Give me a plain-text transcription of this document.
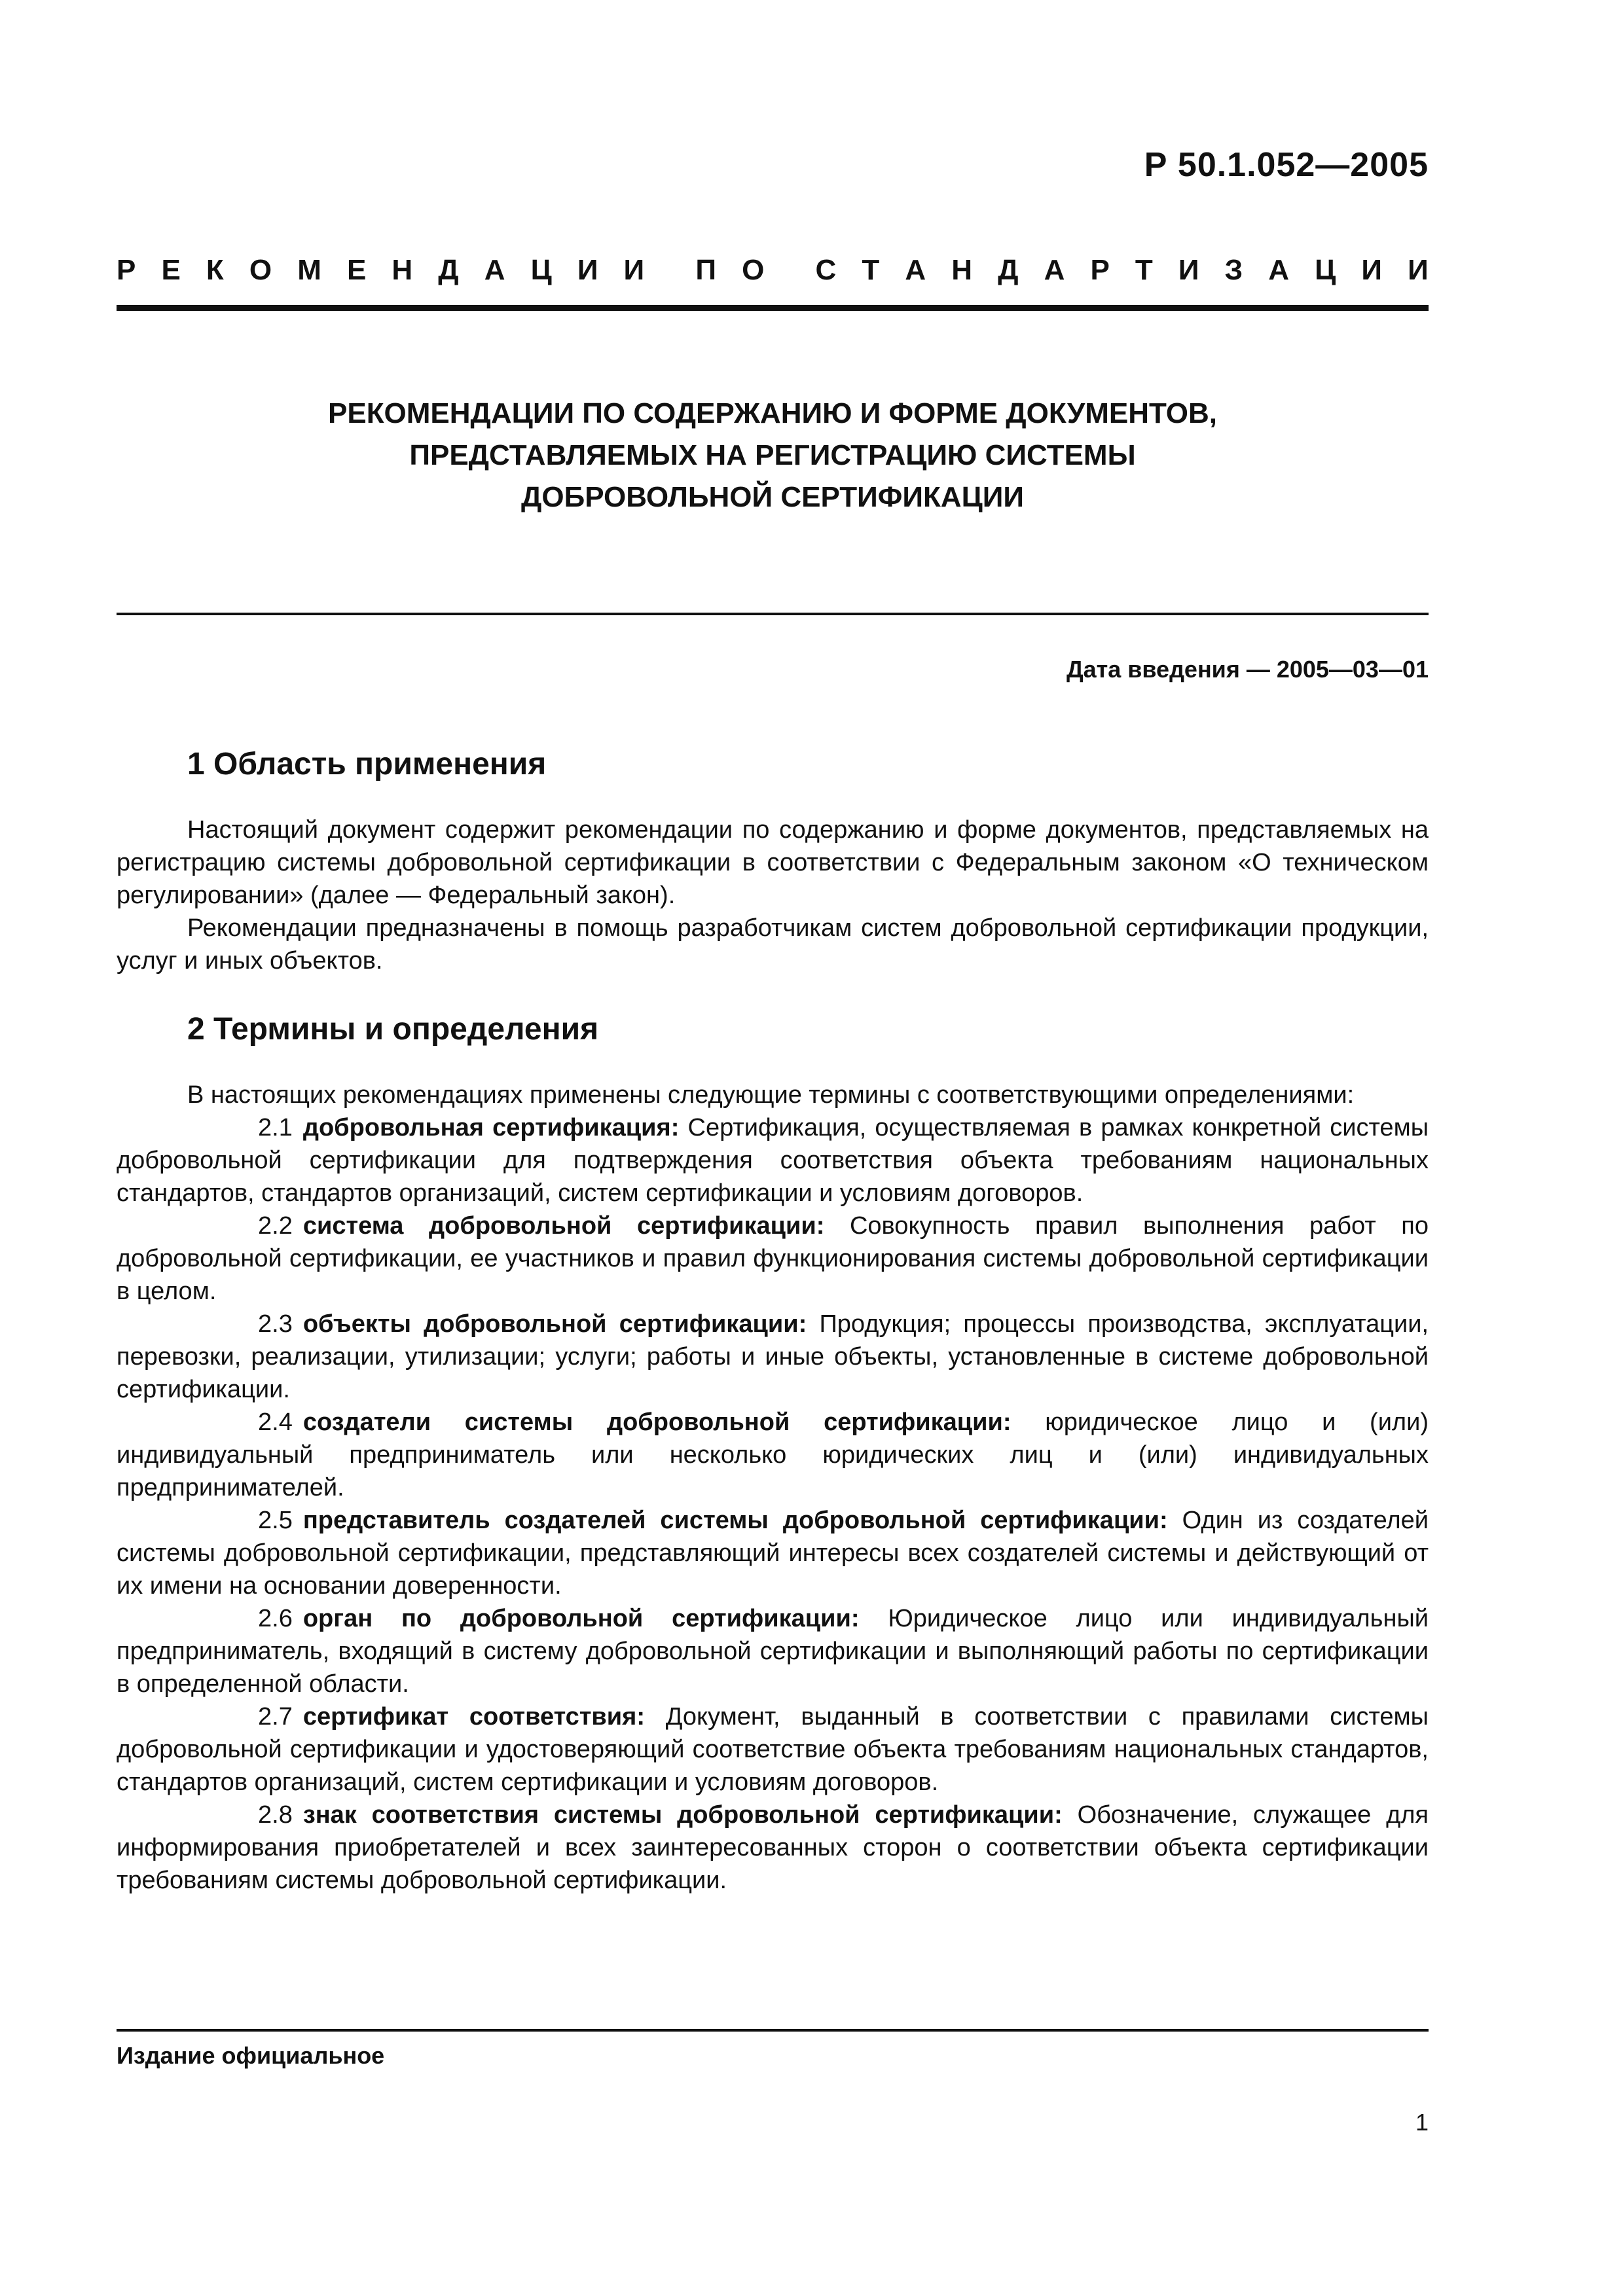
Р 50.1.052—2005
Р Е К О М Е Н Д А Ц И И П О С Т А Н Д А Р Т И З А Ц И И
РЕКОМЕНДАЦИИ ПО СОДЕРЖАНИЮ И ФОРМЕ ДОКУМЕНТОВ,
ПРЕДСТАВЛЯЕМЫХ НА РЕГИСТРАЦИЮ СИСТЕМЫ
ДОБРОВОЛЬНОЙ СЕРТИФИКАЦИИ
Дата введения — 2005—03—01
1 Область применения

Настоящий документ содержит рекомендации по содержанию и форме документов, представляемых на регистрацию системы добровольной сертификации в соответствии с Федеральным законом «О техническом регулировании» (далее — Федеральный закон).

Рекомендации предназначены в помощь разработчикам систем добровольной сертификации продукции, услуг и иных объектов.

2 Термины и определения

В настоящих рекомендациях применены следующие термины с соответствующими определениями:

2.1 добровольная сертификация: Сертификация, осуществляемая в рамках конкретной системы добровольной сертификации для подтверждения соответствия объекта требованиям национальных стандартов, стандартов организаций, систем сертификации и условиям договоров.

2.2 система добровольной сертификации: Совокупность правил выполнения работ по добровольной сертификации, ее участников и правил функционирования системы добровольной сертификации в целом.

2.3 объекты добровольной сертификации: Продукция; процессы производства, эксплуатации, перевозки, реализации, утилизации; услуги; работы и иные объекты, установленные в системе добровольной сертификации.

2.4 создатели системы добровольной сертификации: юридическое лицо и (или) индивидуальный предприниматель или несколько юридических лиц и (или) индивидуальных предпринимателей.

2.5 представитель создателей системы добровольной сертификации: Один из создателей системы добровольной сертификации, представляющий интересы всех создателей системы и действующий от их имени на основании доверенности.

2.6 орган по добровольной сертификации: Юридическое лицо или индивидуальный предприниматель, входящий в систему добровольной сертификации и выполняющий работы по сертификации в определенной области.

2.7 сертификат соответствия: Документ, выданный в соответствии с правилами системы добровольной сертификации и удостоверяющий соответствие объекта требованиям национальных стандартов, стандартов организаций, систем сертификации и условиям договоров.

2.8 знак соответствия системы добровольной сертификации: Обозначение, служащее для информирования приобретателей и всех заинтересованных сторон о соответствии объекта сертификации требованиям системы добровольной сертификации.

Издание официальное
1
